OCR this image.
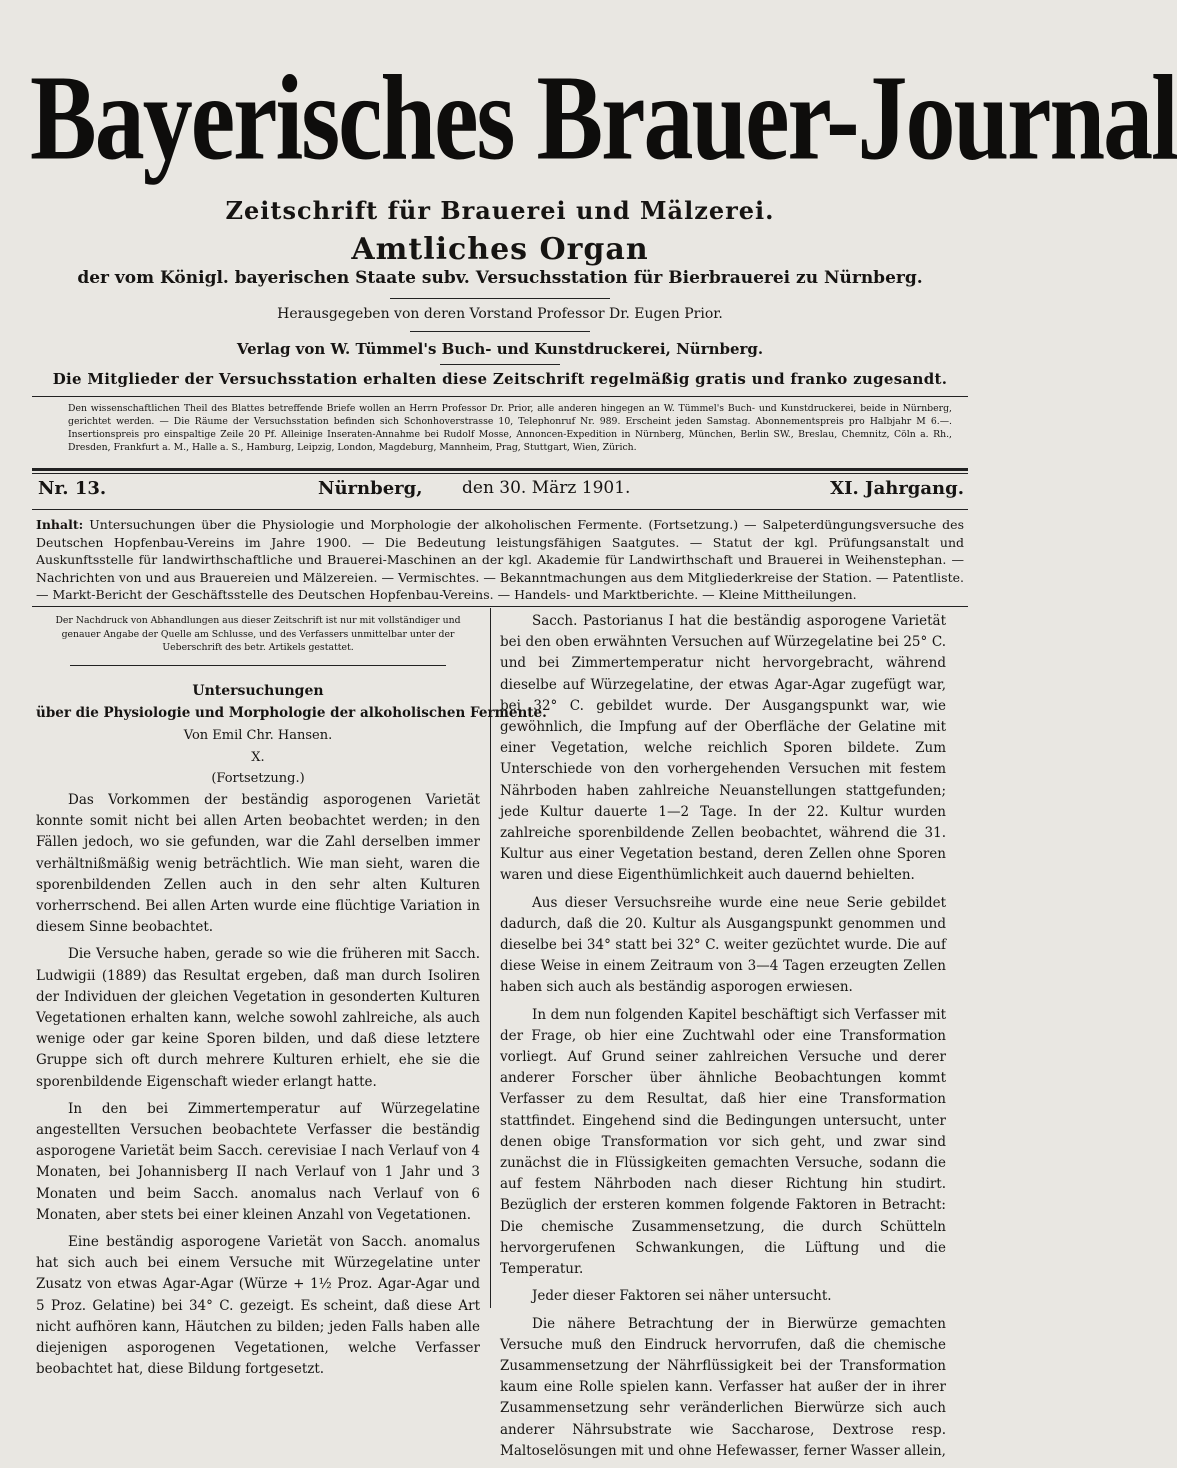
Bayerisches Brauer-Journal
Zeitschrift für Brauerei und Mälzerei.
Amtliches Organ
der vom Königl. bayerischen Staate subv. Versuchsstation für Bierbrauerei zu Nürnberg.
Herausgegeben von deren Vorstand Professor Dr. Eugen Prior.
Verlag von W. Tümmel's Buch- und Kunstdruckerei, Nürnberg.
Die Mitglieder der Versuchsstation erhalten diese Zeitschrift regelmäßig gratis und franko zugesandt.
Den wissenschaftlichen Theil des Blattes betreffende Briefe wollen an Herrn Professor Dr. Prior, alle anderen hingegen an W. Tümmel's Buch- und Kunstdruckerei, beide in Nürnberg, gerichtet werden. — Die Räume der Versuchsstation befinden sich Schonhoverstrasse 10, Telephonruf Nr. 989. Erscheint jeden Samstag. Abonnementspreis pro Halbjahr M 6.—. Insertionspreis pro einspaltige Zeile 20 Pf. Alleinige Inseraten-Annahme bei Rudolf Mosse, Annoncen-Expedition in Nürnberg, München, Berlin SW., Breslau, Chemnitz, Cöln a. Rh., Dresden, Frankfurt a. M., Halle a. S., Hamburg, Leipzig, London, Magdeburg, Mannheim, Prag, Stuttgart, Wien, Zürich.
Nr. 13.	Nürnberg, den 30. März 1901.	XI. Jahrgang.
Inhalt: Untersuchungen über die Physiologie und Morphologie der alkoholischen Fermente. (Fortsetzung.) — Salpeterdüngungsversuche des Deutschen Hopfenbau-Vereins im Jahre 1900. — Die Bedeutung leistungsfähigen Saatgutes. — Statut der kgl. Prüfungsanstalt und Auskunftsstelle für landwirthschaftliche und Brauerei-Maschinen an der kgl. Akademie für Landwirthschaft und Brauerei in Weihenstephan. — Nachrichten von und aus Brauereien und Mälzereien. — Vermischtes. — Bekanntmachungen aus dem Mitgliederkreise der Station. — Patentliste. — Markt-Bericht der Geschäftsstelle des Deutschen Hopfenbau-Vereins. — Handels- und Marktberichte. — Kleine Mittheilungen.
Der Nachdruck von Abhandlungen aus dieser Zeitschrift ist nur mit vollständiger und genauer Angabe der Quelle am Schlusse, und des Verfassers unmittelbar unter der Ueberschrift des betr. Artikels gestattet.
Untersuchungen
über die Physiologie und Morphologie der alkoholischen Fermente.
Von Emil Chr. Hansen.
X.
(Fortsetzung.)

Das Vorkommen der beständig asporogenen Varietät konnte somit nicht bei allen Arten beobachtet werden; in den Fällen jedoch, wo sie gefunden, war die Zahl derselben immer verhältnißmäßig wenig beträchtlich. Wie man sieht, waren die sporenbildenden Zellen auch in den sehr alten Kulturen vorherrschend. Bei allen Arten wurde eine flüchtige Variation in diesem Sinne beobachtet.

Die Versuche haben, gerade so wie die früheren mit Sacch. Ludwigii (1889) das Resultat ergeben, daß man durch Isoliren der Individuen der gleichen Vegetation in gesonderten Kulturen Vegetationen erhalten kann, welche sowohl zahlreiche, als auch wenige oder gar keine Sporen bilden, und daß diese letztere Gruppe sich oft durch mehrere Kulturen erhielt, ehe sie die sporenbildende Eigenschaft wieder erlangt hatte.

In den bei Zimmertemperatur auf Würzegelatine angestellten Versuchen beobachtete Verfasser die beständig asporogene Varietät beim Sacch. cerevisiae I nach Verlauf von 4 Monaten, bei Johannisberg II nach Verlauf von 1 Jahr und 3 Monaten und beim Sacch. anomalus nach Verlauf von 6 Monaten, aber stets bei einer kleinen Anzahl von Vegetationen.

Eine beständig asporogene Varietät von Sacch. anomalus hat sich auch bei einem Versuche mit Würzegelatine unter Zusatz von etwas Agar-Agar (Würze + 1½ Proz. Agar-Agar und 5 Proz. Gelatine) bei 34° C. gezeigt. Es scheint, daß diese Art nicht aufhören kann, Häutchen zu bilden; jeden Falls haben alle diejenigen asporogenen Vegetationen, welche Verfasser beobachtet hat, diese Bildung fortgesetzt.

Sacch. Pastorianus I hat die beständig asporogene Varietät bei den oben erwähnten Versuchen auf Würzegelatine bei 25° C. und bei Zimmertemperatur nicht hervorgebracht, während dieselbe auf Würzegelatine, der etwas Agar-Agar zugefügt war, bei 32° C. gebildet wurde. Der Ausgangspunkt war, wie gewöhnlich, die Impfung auf der Oberfläche der Gelatine mit einer Vegetation, welche reichlich Sporen bildete. Zum Unterschiede von den vorhergehenden Versuchen mit festem Nährboden haben zahlreiche Neuanstellungen stattgefunden; jede Kultur dauerte 1—2 Tage. In der 22. Kultur wurden zahlreiche sporenbildende Zellen beobachtet, während die 31. Kultur aus einer Vegetation bestand, deren Zellen ohne Sporen waren und diese Eigenthümlichkeit auch dauernd behielten.

Aus dieser Versuchsreihe wurde eine neue Serie gebildet dadurch, daß die 20. Kultur als Ausgangspunkt genommen und dieselbe bei 34° statt bei 32° C. weiter gezüchtet wurde. Die auf diese Weise in einem Zeitraum von 3—4 Tagen erzeugten Zellen haben sich auch als beständig asporogen erwiesen.

In dem nun folgenden Kapitel beschäftigt sich Verfasser mit der Frage, ob hier eine Zuchtwahl oder eine Transformation vorliegt. Auf Grund seiner zahlreichen Versuche und derer anderer Forscher über ähnliche Beobachtungen kommt Verfasser zu dem Resultat, daß hier eine Transformation stattfindet. Eingehend sind die Bedingungen untersucht, unter denen obige Transformation vor sich geht, und zwar sind zunächst die in Flüssigkeiten gemachten Versuche, sodann die auf festem Nährboden nach dieser Richtung hin studirt. Bezüglich der ersteren kommen folgende Faktoren in Betracht: Die chemische Zusammensetzung, die durch Schütteln hervorgerufenen Schwankungen, die Lüftung und die Temperatur.

Jeder dieser Faktoren sei näher untersucht.

Die nähere Betrachtung der in Bierwürze gemachten Versuche muß den Eindruck hervorrufen, daß die chemische Zusammensetzung der Nährflüssigkeit bei der Transformation kaum eine Rolle spielen kann. Verfasser hat außer der in ihrer Zusammensetzung sehr veränderlichen Bierwürze sich auch anderer Nährsubstrate wie Saccharose, Dextrose resp. Maltoselösungen mit und ohne Hefewasser, ferner Wasser allein,
